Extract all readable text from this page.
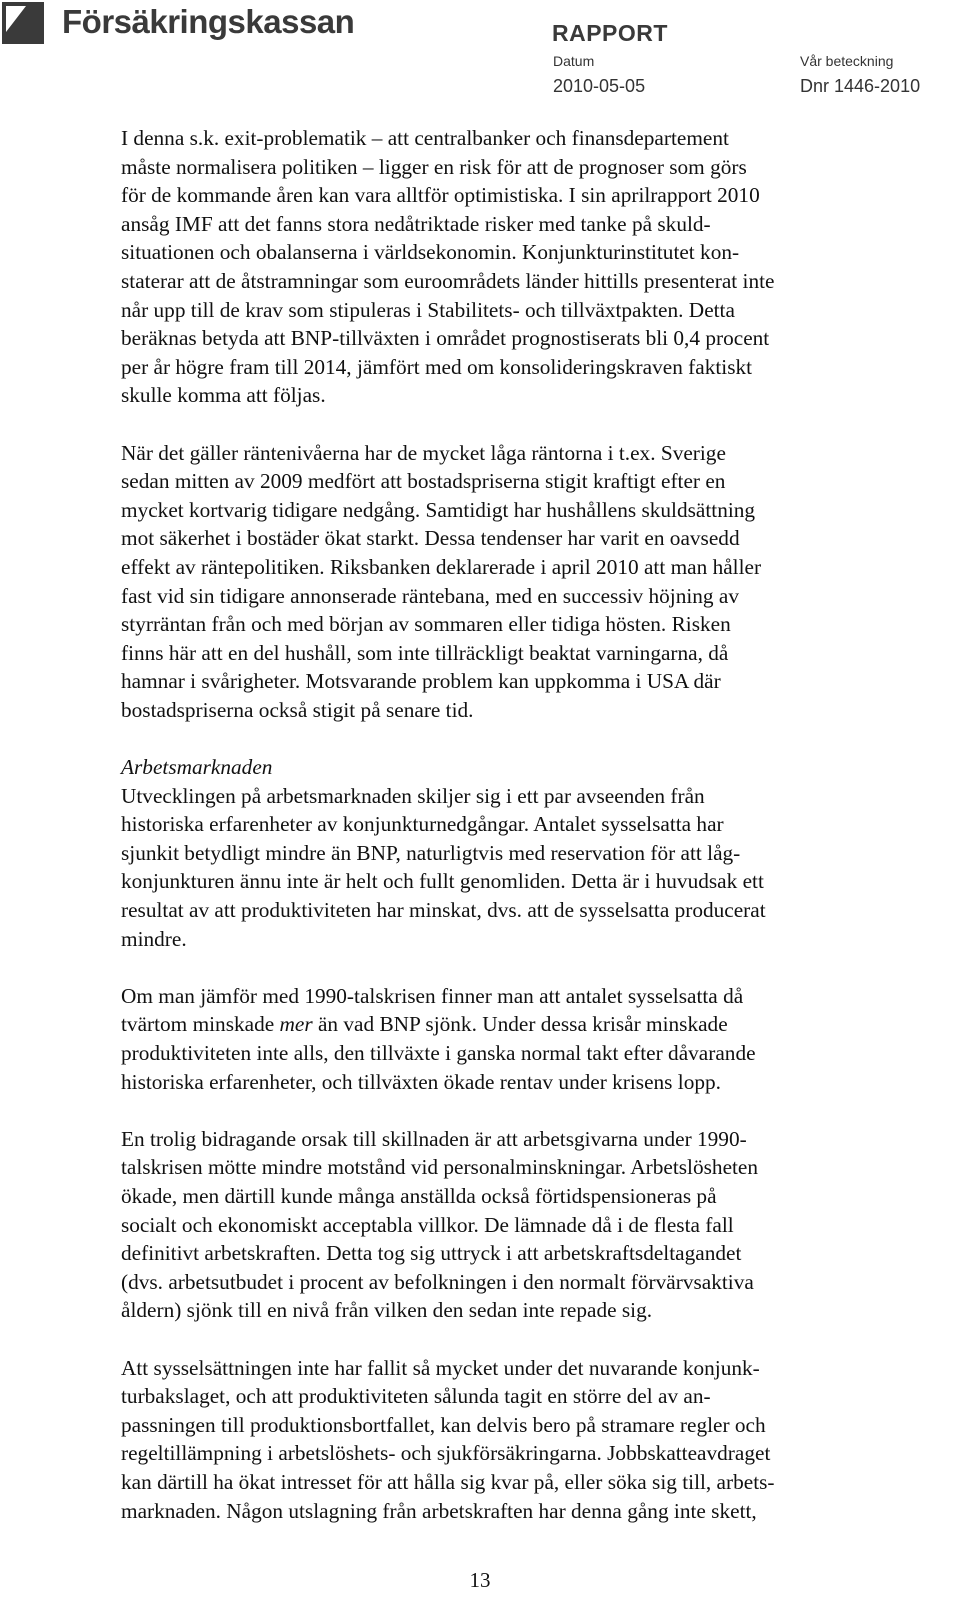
Försäkringskassan	RAPPORT
Datum	Vår beteckning
2010-05-05	Dnr 1446-2010

I denna s.k. exit-problematik – att centralbanker och finansdepartement
måste normalisera politiken – ligger en risk för att de prognoser som görs
för de kommande åren kan vara alltför optimistiska. I sin aprilrapport 2010
ansåg IMF att det fanns stora nedåtriktade risker med tanke på skuld-
situationen och obalanserna i världsekonomin. Konjunkturinstitutet kon-
staterar att de åtstramningar som euroområdets länder hittills presenterat inte
når upp till de krav som stipuleras i Stabilitets- och tillväxtpakten. Detta
beräknas betyda att BNP-tillväxten i området prognostiserats bli 0,4 procent
per år högre fram till 2014, jämfört med om konsolideringskraven faktiskt
skulle komma att följas.

När det gäller räntenivåerna har de mycket låga räntorna i t.ex. Sverige
sedan mitten av 2009 medfört att bostadspriserna stigit kraftigt efter en
mycket kortvarig tidigare nedgång. Samtidigt har hushållens skuldsättning
mot säkerhet i bostäder ökat starkt. Dessa tendenser har varit en oavsedd
effekt av räntepolitiken. Riksbanken deklarerade i april 2010 att man håller
fast vid sin tidigare annonserade räntebana, med en successiv höjning av
styrräntan från och med början av sommaren eller tidiga hösten. Risken
finns här att en del hushåll, som inte tillräckligt beaktat varningarna, då
hamnar i svårigheter. Motsvarande problem kan uppkomma i USA där
bostadspriserna också stigit på senare tid.

Arbetsmarknaden

Utvecklingen på arbetsmarknaden skiljer sig i ett par avseenden från
historiska erfarenheter av konjunkturnedgångar. Antalet sysselsatta har
sjunkit betydligt mindre än BNP, naturligtvis med reservation för att låg-
konjunkturen ännu inte är helt och fullt genomliden. Detta är i huvudsak ett
resultat av att produktiviteten har minskat, dvs. att de sysselsatta producerat
mindre.

Om man jämför med 1990-talskrisen finner man att antalet sysselsatta då
tvärtom minskade mer än vad BNP sjönk. Under dessa krisår minskade
produktiviteten inte alls, den tillväxte i ganska normal takt efter dåvarande
historiska erfarenheter, och tillväxten ökade rentav under krisens lopp.

En trolig bidragande orsak till skillnaden är att arbetsgivarna under 1990-
talskrisen mötte mindre motstånd vid personalminskningar. Arbetslösheten
ökade, men därtill kunde många anställda också förtidspensioneras på
socialt och ekonomiskt acceptabla villkor. De lämnade då i de flesta fall
definitivt arbetskraften. Detta tog sig uttryck i att arbetskraftsdeltagandet
(dvs. arbetsutbudet i procent av befolkningen i den normalt förvärvsaktiva
åldern) sjönk till en nivå från vilken den sedan inte repade sig.

Att sysselsättningen inte har fallit så mycket under det nuvarande konjunk-
turbakslaget, och att produktiviteten sålunda tagit en större del av an-
passningen till produktionsbortfallet, kan delvis bero på stramare regler och
regeltillämpning i arbetslöshets- och sjukförsäkringarna. Jobbskatteavdraget
kan därtill ha ökat intresset för att hålla sig kvar på, eller söka sig till, arbets-
marknaden. Någon utslagning från arbetskraften har denna gång inte skett,

13
